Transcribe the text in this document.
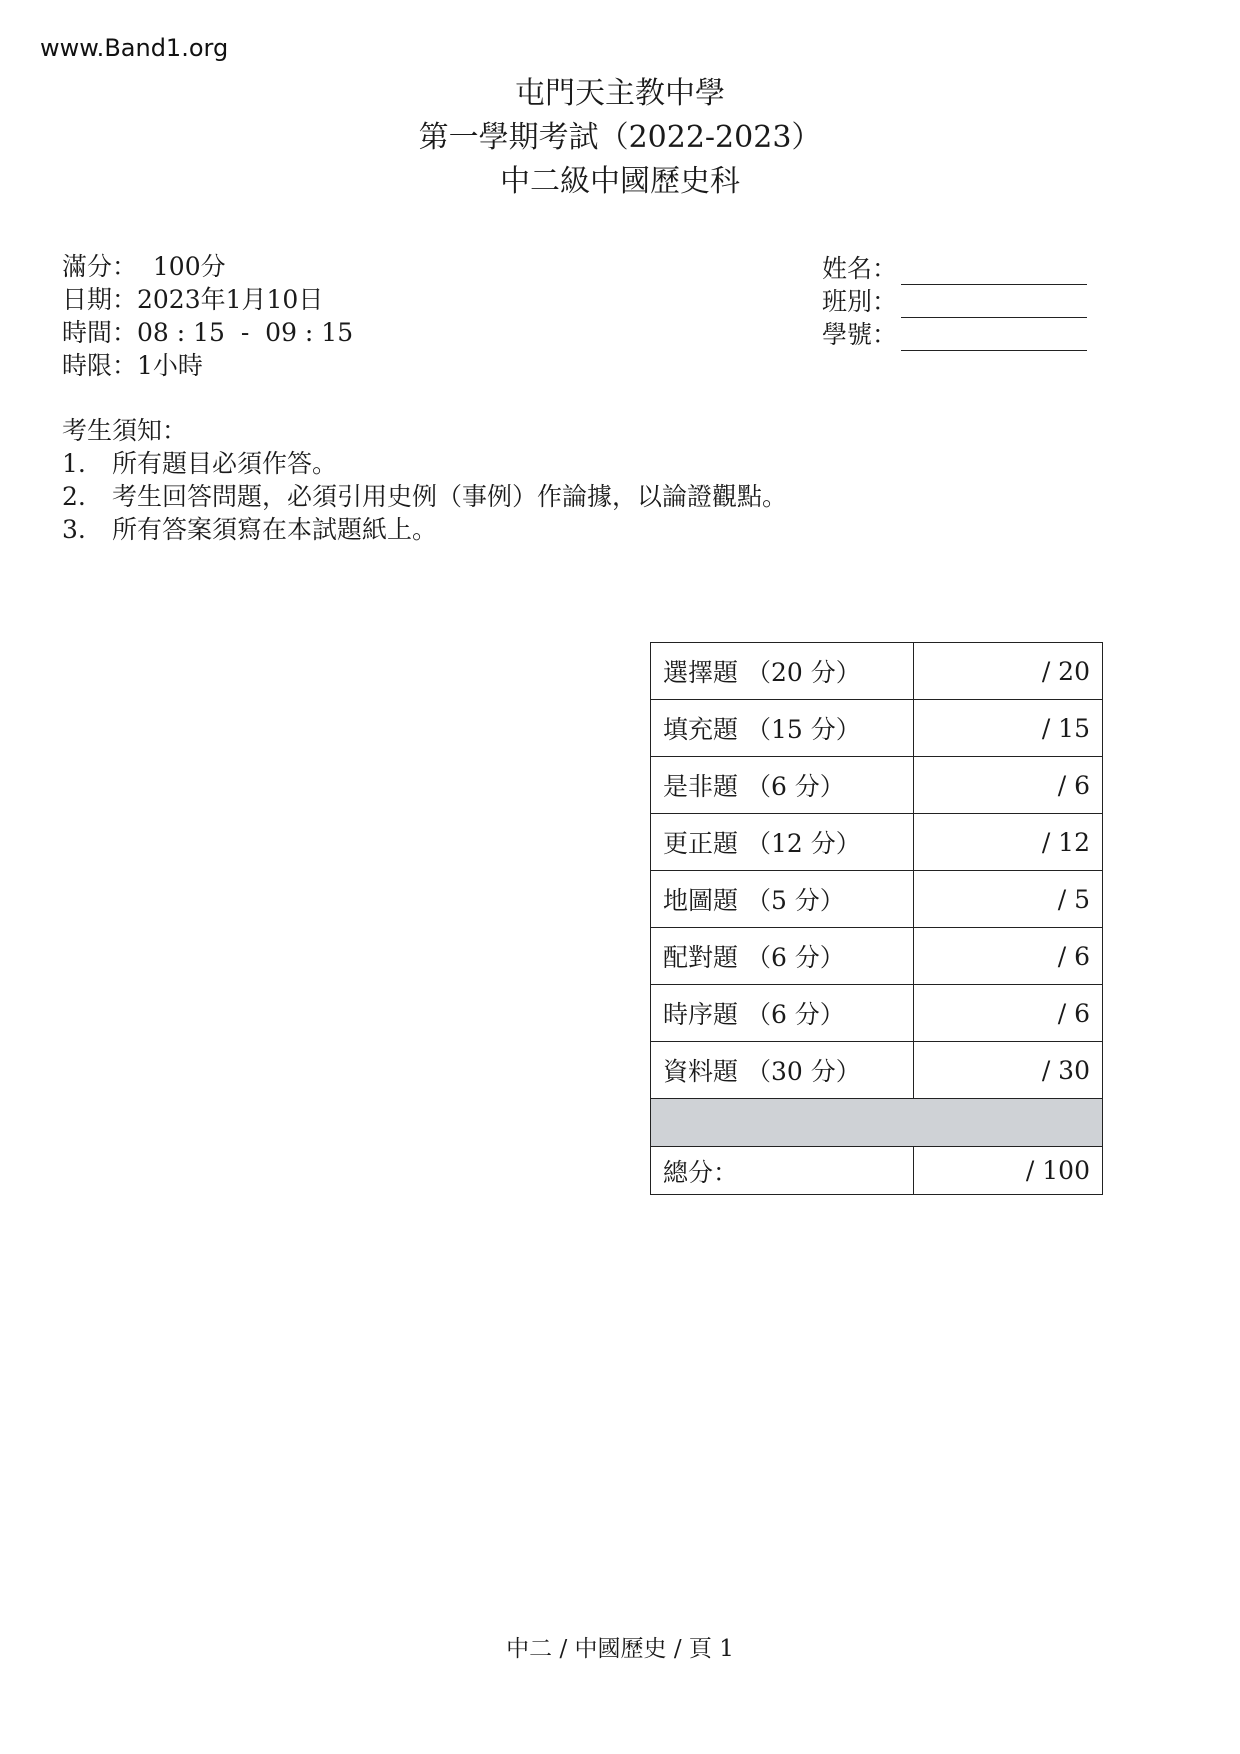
www.Band1.org
屯門天主教中學
第一學期考試（2022-2023）
中二級中國歷史科
滿分：  100分
日期：2023年1月10日
時間：08 : 15  -  09 : 15
時限：1小時
姓名：
班別：
學號：
考生須知：
1.	所有題目必須作答。
2.	考生回答問題，必須引用史例（事例）作論據，以論證觀點。
3.	所有答案須寫在本試題紙上。
選擇題 （20 分）	/ 20
填充題 （15 分）	/ 15
是非題 （6 分）	/ 6
更正題 （12 分）	/ 12
地圖題 （5 分）	/ 5
配對題 （6 分）	/ 6
時序題 （6 分）	/ 6
資料題 （30 分）	/ 30

總分：	/ 100
中二 / 中國歷史 / 頁 1
